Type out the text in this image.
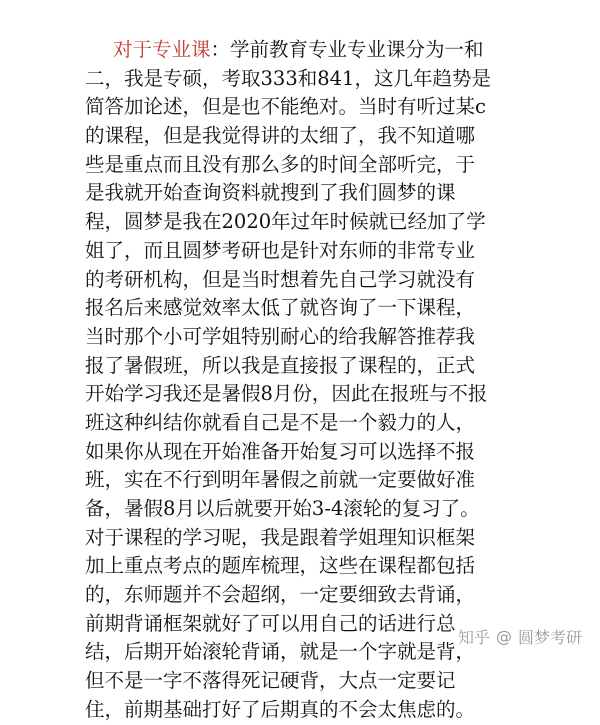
对于专业课：学前教育专业专业课分为一和
二，我是专硕，考取333和841，这几年趋势是
简答加论述，但是也不能绝对。当时有听过某c
的课程，但是我觉得讲的太细了，我不知道哪
些是重点而且没有那么多的时间全部听完，于
是我就开始查询资料就搜到了我们圆梦的课
程，圆梦是我在2020年过年时候就已经加了学
姐了，而且圆梦考研也是针对东师的非常专业
的考研机构，但是当时想着先自己学习就没有
报名后来感觉效率太低了就咨询了一下课程，
当时那个小可学姐特别耐心的给我解答推荐我
报了暑假班，所以我是直接报了课程的，正式
开始学习我还是暑假8月份，因此在报班与不报
班这种纠结你就看自己是不是一个毅力的人，
如果你从现在开始准备开始复习可以选择不报
班，实在不行到明年暑假之前就一定要做好准
备，暑假8月以后就要开始3-4滚轮的复习了。
对于课程的学习呢，我是跟着学姐理知识框架
加上重点考点的题库梳理，这些在课程都包括
的，东师题并不会超纲，一定要细致去背诵，
前期背诵框架就好了可以用自己的话进行总
结，后期开始滚轮背诵，就是一个字就是背，
但不是一字不落得死记硬背，大点一定要记
住，前期基础打好了后期真的不会太焦虑的。
知乎 @ 圆梦考研
